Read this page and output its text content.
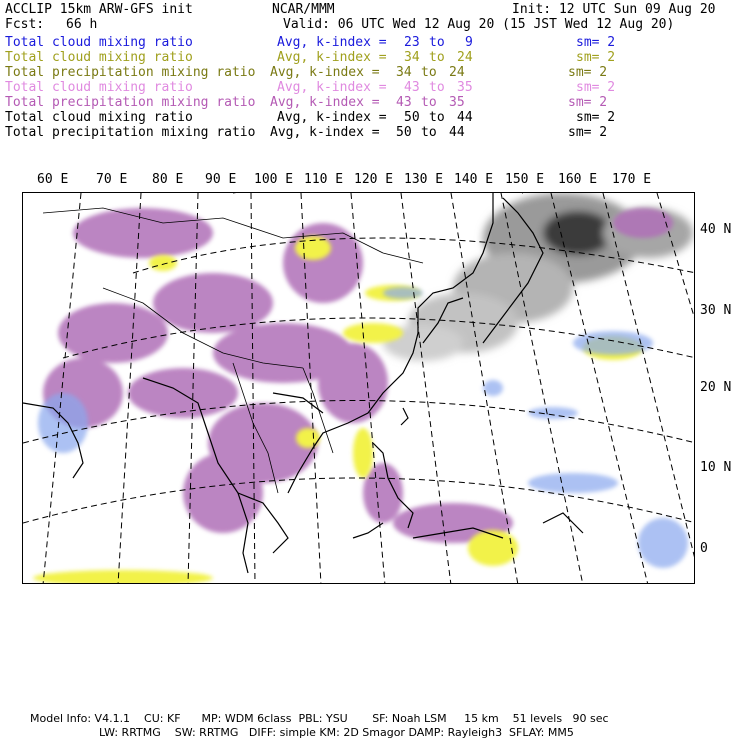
ACCLIP 15km ARW-GFS init	NCAR/MMM	Init: 12 UTC Sun 09 Aug 20
Fcst: 66 h	Valid: 06 UTC Wed 12 Aug 20 (15 JST Wed 12 Aug 20)
Total cloud mixing ratio	Avg, k-index = 23 to 9	sm= 2
Total cloud mixing ratio	Avg, k-index = 34 to 24	sm= 2
Total precipitation mixing ratio Avg, k-index = 34 to 24	sm= 2
Total cloud mixing ratio	Avg, k-index = 43 to 35	sm= 2
Total precipitation mixing ratio Avg, k-index = 43 to 35	sm= 2
Total cloud mixing ratio	Avg, k-index = 50 to 44	sm= 2
Total precipitation mixing ratio Avg, k-index = 50 to 44	sm= 2
60 E 70 E 80 E 90 E 100 E 110 E 120 E 130 E 140 E 150 E 160 E 170 E
40 N
30 N
20 N
10 N
0
Model Info: V4.1.1    CU: KF      MP: WDM 6class  PBL: YSU       SF: Noah LSM     15 km    51 levels   90 sec
LW: RRTMG    SW: RRTMG   DIFF: simple KM: 2D Smagor DAMP: Rayleigh3  SFLAY: MM5
